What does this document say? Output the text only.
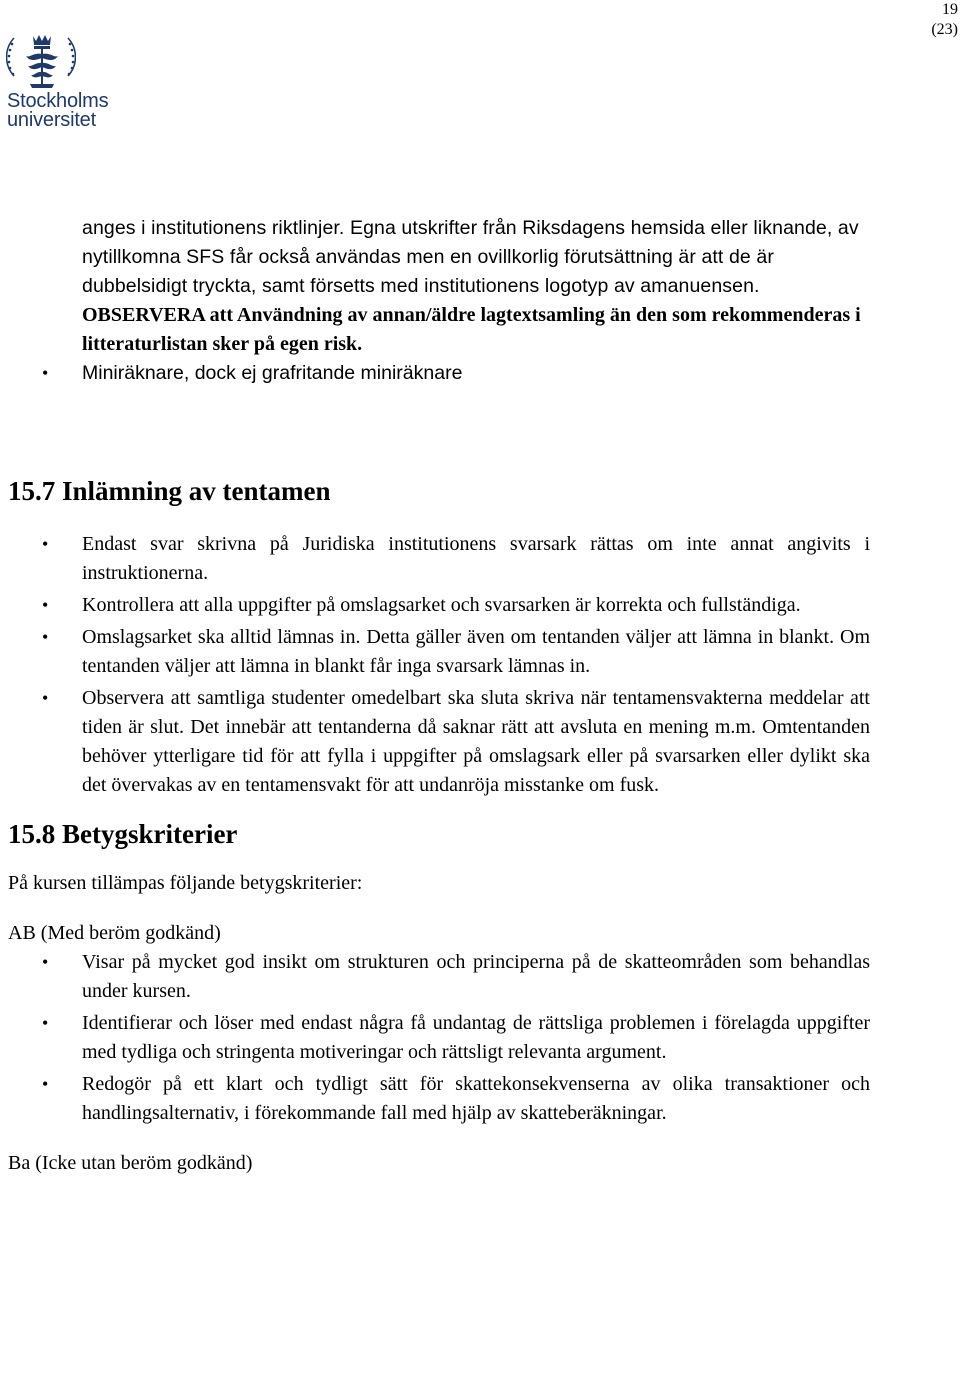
19
(23)
Stockholms
universitet
anges i institutionens riktlinjer. Egna utskrifter från Riksdagens hemsida eller liknande, av nytillkomna SFS får också användas men en ovillkorlig förutsättning är att de är dubbelsidigt tryckta, samt försetts med institutionens logotyp av amanuensen. OBSERVERA att Användning av annan/äldre lagtextsamling än den som rekommenderas i litteraturlistan sker på egen risk.
• Miniräknare, dock ej grafritande miniräknare
15.7 Inlämning av tentamen
• Endast svar skrivna på Juridiska institutionens svarsark rättas om inte annat angivits i instruktionerna.
• Kontrollera att alla uppgifter på omslagsarket och svarsarken är korrekta och fullständiga.
• Omslagsarket ska alltid lämnas in. Detta gäller även om tentanden väljer att lämna in blankt. Om tentanden väljer att lämna in blankt får inga svarsark lämnas in.
• Observera att samtliga studenter omedelbart ska sluta skriva när tentamensvakterna meddelar att tiden är slut. Det innebär att tentanderna då saknar rätt att avsluta en mening m.m. Omtentanden behöver ytterligare tid för att fylla i uppgifter på omslagsark eller på svarsarken eller dylikt ska det övervakas av en tentamensvakt för att undanröja misstanke om fusk.
15.8 Betygskriterier

På kursen tillämpas följande betygskriterier:

AB (Med beröm godkänd)

• Visar på mycket god insikt om strukturen och principerna på de skatteområden som behandlas under kursen.
• Identifierar och löser med endast några få undantag de rättsliga problemen i förelagda uppgifter med tydliga och stringenta motiveringar och rättsligt relevanta argument.
• Redogör på ett klart och tydligt sätt för skattekonsekvenserna av olika transaktioner och handlingsalternativ, i förekommande fall med hjälp av skatteberäkningar.

Ba (Icke utan beröm godkänd)
